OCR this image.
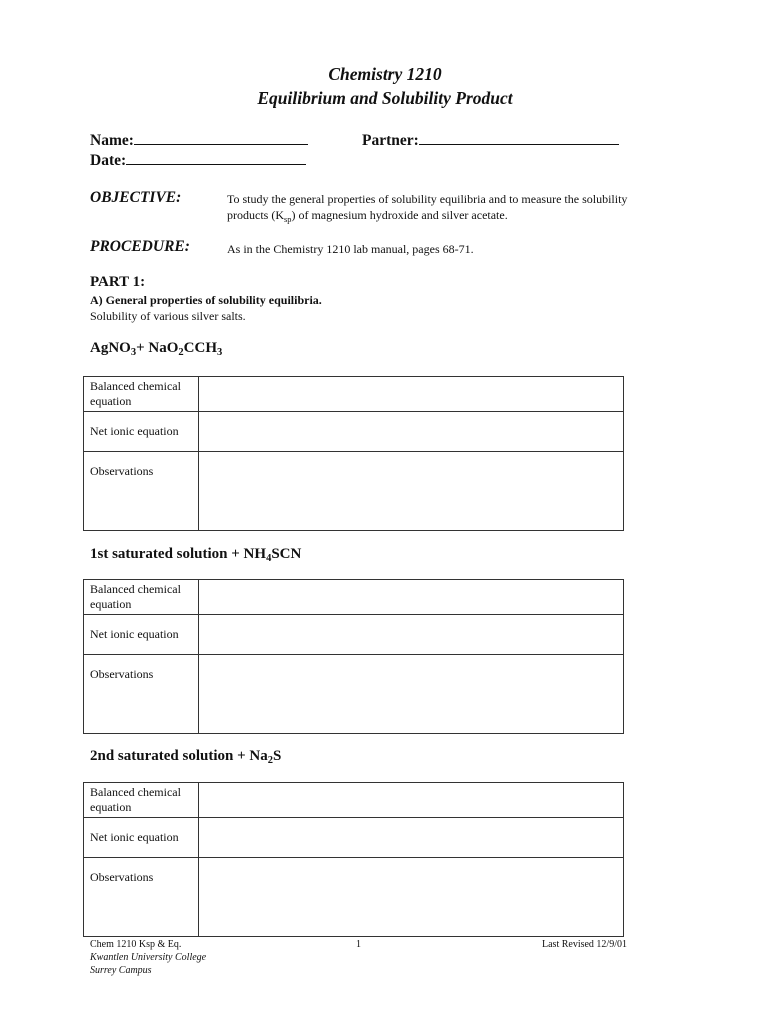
Chemistry 1210
Equilibrium and Solubility Product
Name:	Partner:
Date:
OBJECTIVE:	To study the general properties of solubility equilibria and to measure the solubility
products $(K_{sp})$ of magnesium hydroxide and silver acetate.
PROCEDURE:	As in the Chemistry 1210 lab manual, pages 68-71.
PART 1:
A) General properties of solubility equilibria.
Solubility of various silver salts.
AgNO$_3$+ $NaO_2CCH_3$
Balanced chemical equation	
Net ionic equation	
Observations	
1st saturated solution + $NH_4SCN$
Balanced chemical equation	
Net ionic equation	
Observations	
2nd saturated solution + $Na_2S$
Balanced chemical equation	
Net ionic equation	
Observations	
Chem 1210 Ksp & Eq.
Kwantlen University College
Surrey Campus
1	Last Revised 12/9/01
